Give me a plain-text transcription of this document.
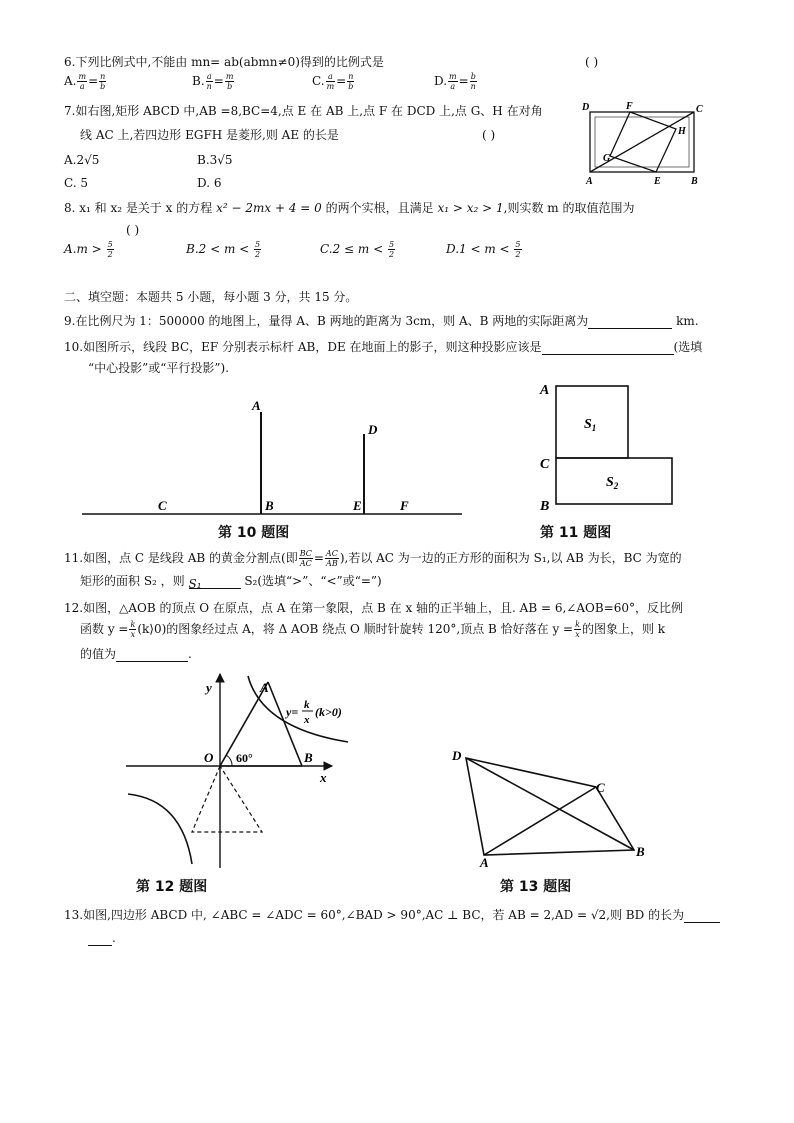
6.下列比例式中,不能由 mn= ab(abmn≠0)得到的比例式是	( )
A. $\frac{m}{a} = \frac{n}{b}$	B. $\frac{a}{n} = \frac{m}{b}$	C. $\frac{a}{m} = \frac{n}{b}$	D. $\frac{m}{a} = \frac{b}{n}$
7.如右图,矩形 ABCD 中,AB =8,BC=4,点 E 在 AB 上,点 F 在 DCD 上,点 G、H 在对角
线 AC 上,若四边形 EGFH 是菱形,则 AE 的长是	( )
A.2√5	B.3√5
C. 5	D. 6
D	F	C
H
G
A	E	B
8. x₁ 和 x₂ 是关于 x 的方程 x² − 2mx + 4 = 0 的两个实根，且满足 x₁ > x₂ > 1,则实数 m 的取值范围为
( )
$A.m > \frac{5}{2}$	$B.2 < m < \frac{5}{2}$	$C.2 \le m < \frac{5}{2}$	$D.1 < m < \frac{5}{2}$
二、填空题：本题共 5 小题，每小题 3 分，共 15 分。
9.在比例尺为 1：500000 的地图上，量得 A、B 两地的距离为 3cm，则 A、B 两地的实际距离为	km.
10.如图所示，线段 BC，EF 分别表示标杆 AB，DE 在地面上的影子，则这种投影应该是	(选填
“中心投影”或“平行投影”).
A
B
C
D
E	F
第 10 题图
A
C
B
$S_1$
$S_2$
第 11 题图
11.如图，点 C 是线段 AB 的黄金分割点(即 $\frac{BC}{AC} = \frac{AC}{AB}$ ),若以 AC 为一边的正方形的面积为 S₁,以 AB 为长，BC 为宽的
矩形的面积 S₂ ，则 S₁	S₂(选填“>”、“<”或“=”)
12.如图，△AOB 的顶点 O 在原点，点 A 在第一象限，点 B 在 x 轴的正半轴上，且. AB = 6,∠AOB=60°，反比例
函数 $y = \frac{k}{x}$ (k⟩0)的图象经过点 A，将 Δ AOB 绕点 O 顺时针旋转 120°,顶点 B 恰好落在 $y = \frac{k}{x}$ 的图象上，则 k
的值为	.
y
x
A
O	B
60°
y= k
x
(k>0)
第 12 题图
D
C
A
B
第 13 题图
13.如图,四边形 ABCD 中, ∠ABC = ∠ADC = 60°,∠BAD > 90°,AC ⊥ BC，若 AB = 2,AD = √2,则 BD 的长为
.
